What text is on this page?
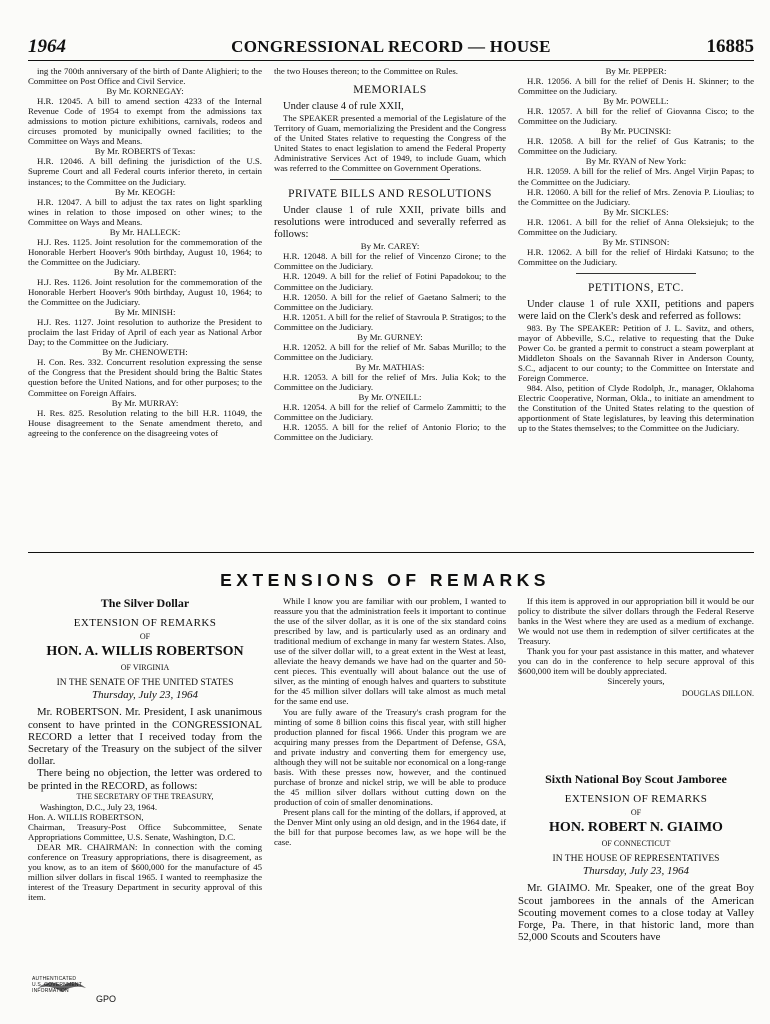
1964	CONGRESSIONAL RECORD — HOUSE	16885

ing the 700th anniversary of the birth of Dante Alighieri; to the Committee on Post Office and Civil Service.

By Mr. KORNEGAY:

H.R. 12045. A bill to amend section 4233 of the Internal Revenue Code of 1954 to exempt from the admissions tax admissions to motion picture exhibitions, carnivals, rodeos and circuses promoted by municipally owned facilities; to the Committee on Ways and Means.

By Mr. ROBERTS of Texas:

H.R. 12046. A bill defining the jurisdiction of the U.S. Supreme Court and all Federal courts inferior thereto, in certain instances; to the Committee on the Judiciary.

By Mr. KEOGH:

H.R. 12047. A bill to adjust the tax rates on light sparkling wines in relation to those imposed on other wines; to the Committee on Ways and Means.

By Mr. HALLECK:

H.J. Res. 1125. Joint resolution for the commemoration of the Honorable Herbert Hoover's 90th birthday, August 10, 1964; to the Committee on the Judiciary.

By Mr. ALBERT:

H.J. Res. 1126. Joint resolution for the commemoration of the Honorable Herbert Hoover's 90th birthday, August 10, 1964; to the Committee on the Judiciary.

By Mr. MINISH:

H.J. Res. 1127. Joint resolution to authorize the President to proclaim the last Friday of April of each year as National Arbor Day; to the Committee on the Judiciary.

By Mr. CHENOWETH:

H. Con. Res. 332. Concurrent resolution expressing the sense of the Congress that the President should bring the Baltic States question before the United Nations, and for other purposes; to the Committee on Foreign Affairs.

By Mr. MURRAY:

H. Res. 825. Resolution relating to the bill H.R. 11049, the House disagreement to the Senate amendment thereto, and agreeing to the conference on the disagreeing votes of

the two Houses thereon; to the Committee on Rules.

MEMORIALS

Under clause 4 of rule XXII,

The SPEAKER presented a memorial of the Legislature of the Territory of Guam, memorializing the President and the Congress of the United States relative to requesting the Congress of the United States to enact legislation to amend the Federal Property Administrative Services Act of 1949, to include Guam, which was referred to the Committee on Government Operations.

PRIVATE BILLS AND RESOLUTIONS

Under clause 1 of rule XXII, private bills and resolutions were introduced and severally referred as follows:

By Mr. CAREY:

H.R. 12048. A bill for the relief of Vincenzo Cirone; to the Committee on the Judiciary.

H.R. 12049. A bill for the relief of Fotini Papadokou; to the Committee on the Judiciary.

H.R. 12050. A bill for the relief of Gaetano Salmeri; to the Committee on the Judiciary.

H.R. 12051. A bill for the relief of Stavroula P. Stratigos; to the Committee on the Judiciary.

By Mr. GURNEY:

H.R. 12052. A bill for the relief of Mr. Sabas Murillo; to the Committee on the Judiciary.

By Mr. MATHIAS:

H.R. 12053. A bill for the relief of Mrs. Julia Kok; to the Committee on the Judiciary.

By Mr. O'NEILL:

H.R. 12054. A bill for the relief of Carmelo Zammitti; to the Committee on the Judiciary.

H.R. 12055. A bill for the relief of Antonio Florio; to the Committee on the Judiciary.

By Mr. PEPPER:

H.R. 12056. A bill for the relief of Denis H. Skinner; to the Committee on the Judiciary.

By Mr. POWELL:

H.R. 12057. A bill for the relief of Giovanna Cisco; to the Committee on the Judiciary.

By Mr. PUCINSKI:

H.R. 12058. A bill for the relief of Gus Katranis; to the Committee on the Judiciary.

By Mr. RYAN of New York:

H.R. 12059. A bill for the relief of Mrs. Angel Virjin Papas; to the Committee on the Judiciary.

H.R. 12060. A bill for the relief of Mrs. Zenovia P. Lioulias; to the Committee on the Judiciary.

By Mr. SICKLES:

H.R. 12061. A bill for the relief of Anna Oleksiejuk; to the Committee on the Judiciary.

By Mr. STINSON:

H.R. 12062. A bill for the relief of Hirdaki Katsuno; to the Committee on the Judiciary.

PETITIONS, ETC.

Under clause 1 of rule XXII, petitions and papers were laid on the Clerk's desk and referred as follows:

983. By The SPEAKER: Petition of J. L. Savitz, and others, mayor of Abbeville, S.C., relative to requesting that the Duke Power Co. be granted a permit to construct a steam powerplant at Middleton Shoals on the Savannah River in Anderson County, S.C., adjacent to our county; to the Committee on Interstate and Foreign Commerce.

984. Also, petition of Clyde Rodolph, Jr., manager, Oklahoma Electric Cooperative, Norman, Okla., to initiate an amendment to the Constitution of the United States relating to the question of apportionment of State legislatures, by leaving this determination up to the States themselves; to the Committee on the Judiciary.

EXTENSIONS OF REMARKS

The Silver Dollar

EXTENSION OF REMARKS

OF

HON. A. WILLIS ROBERTSON

OF VIRGINIA

IN THE SENATE OF THE UNITED STATES

Thursday, July 23, 1964

Mr. ROBERTSON. Mr. President, I ask unanimous consent to have printed in the CONGRESSIONAL RECORD a letter that I received today from the Secretary of the Treasury on the subject of the silver dollar.

There being no objection, the letter was ordered to be printed in the RECORD, as follows:

THE SECRETARY OF THE TREASURY,

Washington, D.C., July 23, 1964.

Hon. A. WILLIS ROBERTSON,

Chairman, Treasury-Post Office Subcommittee, Senate Appropriations Committee, U.S. Senate, Washington, D.C.

DEAR MR. CHAIRMAN: In connection with the coming conference on Treasury appropriations, there is disagreement, as you know, as to an item of $600,000 for the manufacture of 45 million silver dollars in fiscal 1965. I wanted to reemphasize the interest of the Treasury Department in security approval of this item.

While I know you are familiar with our problem, I wanted to reassure you that the administration feels it important to continue the use of the silver dollar, as it is one of the six standard coins prescribed by law, and is particularly used as an ordinary and traditional medium of exchange in many far western States. Also, use of the silver dollar will, to a great extent in the West at least, alleviate the heavy demands we have had on the quarter and 50-cent pieces. This eventually will about balance out the use of silver, as the minting of enough halves and quarters to substitute for the 45 million silver dollars will take almost as much metal for the same end use.

You are fully aware of the Treasury's crash program for the minting of some 8 billion coins this fiscal year, with still higher production planned for fiscal 1966. Under this program we are acquiring many presses from the Department of Defense, GSA, and private industry and converting them for emergency use, although they will not be suitable nor economical on a long-range basis. With these presses now, however, and the continued purchase of bronze and nickel strip, we will be able to produce the 45 million silver dollars without cutting down on the production of coin of smaller denominations.

Present plans call for the minting of the dollars, if approved, at the Denver Mint only using an old design, and in the 1964 date, if the bill for that purpose becomes law, as we hope will be the case.

If this item is approved in our appropriation bill it would be our policy to distribute the silver dollars through the Federal Reserve banks in the West where they are used as a medium of exchange. We would not use them in redemption of silver certificates at the Treasury.

Thank you for your past assistance in this matter, and whatever you can do in the conference to help secure approval of this $600,000 item will be doubly appreciated.

Sincerely yours,

DOUGLAS DILLON.

Sixth National Boy Scout Jamboree

EXTENSION OF REMARKS

OF

HON. ROBERT N. GIAIMO

OF CONNECTICUT

IN THE HOUSE OF REPRESENTATIVES

Thursday, July 23, 1964

Mr. GIAIMO. Mr. Speaker, one of the great Boy Scout jamborees in the annals of the American Scouting movement comes to a close today at Valley Forge, Pa. There, in that historic land, more than 52,000 Scouts and Scouters have

AUTHENTICATED
U.S. GOVERNMENT
INFORMATION
GPO
